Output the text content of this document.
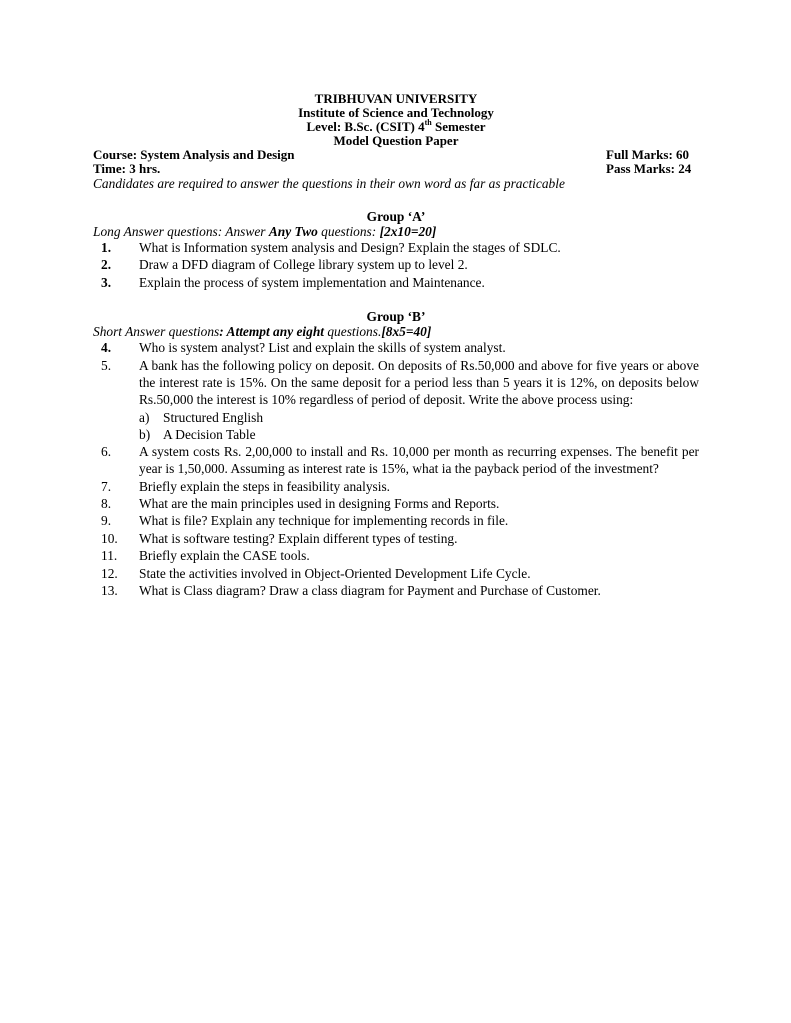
TRIBHUVAN UNIVERSITY
Institute of Science and Technology
Level: B.Sc. (CSIT) 4th Semester
Model Question Paper
Course: System Analysis and Design	Full Marks: 60
Time: 3 hrs.	Pass Marks: 24
Candidates are required to answer the questions in their own word as far as practicable
Group ‘A’
Long Answer questions: Answer Any Two questions: [2x10=20]
1.	What is Information system analysis and Design? Explain the stages of SDLC.
2.	Draw a DFD diagram of College library system up to level 2.
3.	Explain the process of system implementation and Maintenance.
Group ‘B’
Short Answer questions: Attempt any eight questions.[8x5=40]
4.	Who is system analyst? List and explain the skills of system analyst.
5.	A bank has the following policy on deposit. On deposits of Rs.50,000 and above for five years or above the interest rate is 15%. On the same deposit for a period less than 5 years it is 12%, on deposits below Rs.50,000 the interest is 10% regardless of period of deposit. Write the above process using:
a)	Structured English
b) A Decision Table
6.	A system costs Rs. 2,00,000 to install and Rs. 10,000 per month as recurring expenses. The benefit per year is 1,50,000. Assuming as interest rate is 15%, what ia the payback period of the investment?
7.	Briefly explain the steps in feasibility analysis.
8.	What are the main principles used in designing Forms and Reports.
9.	What is file? Explain any technique for implementing records in file.
10.	What is software testing? Explain different types of testing.
11.	Briefly explain the CASE tools.
12.	State the activities involved in Object-Oriented Development Life Cycle.
13.	What is Class diagram? Draw a class diagram for Payment and Purchase of Customer.
